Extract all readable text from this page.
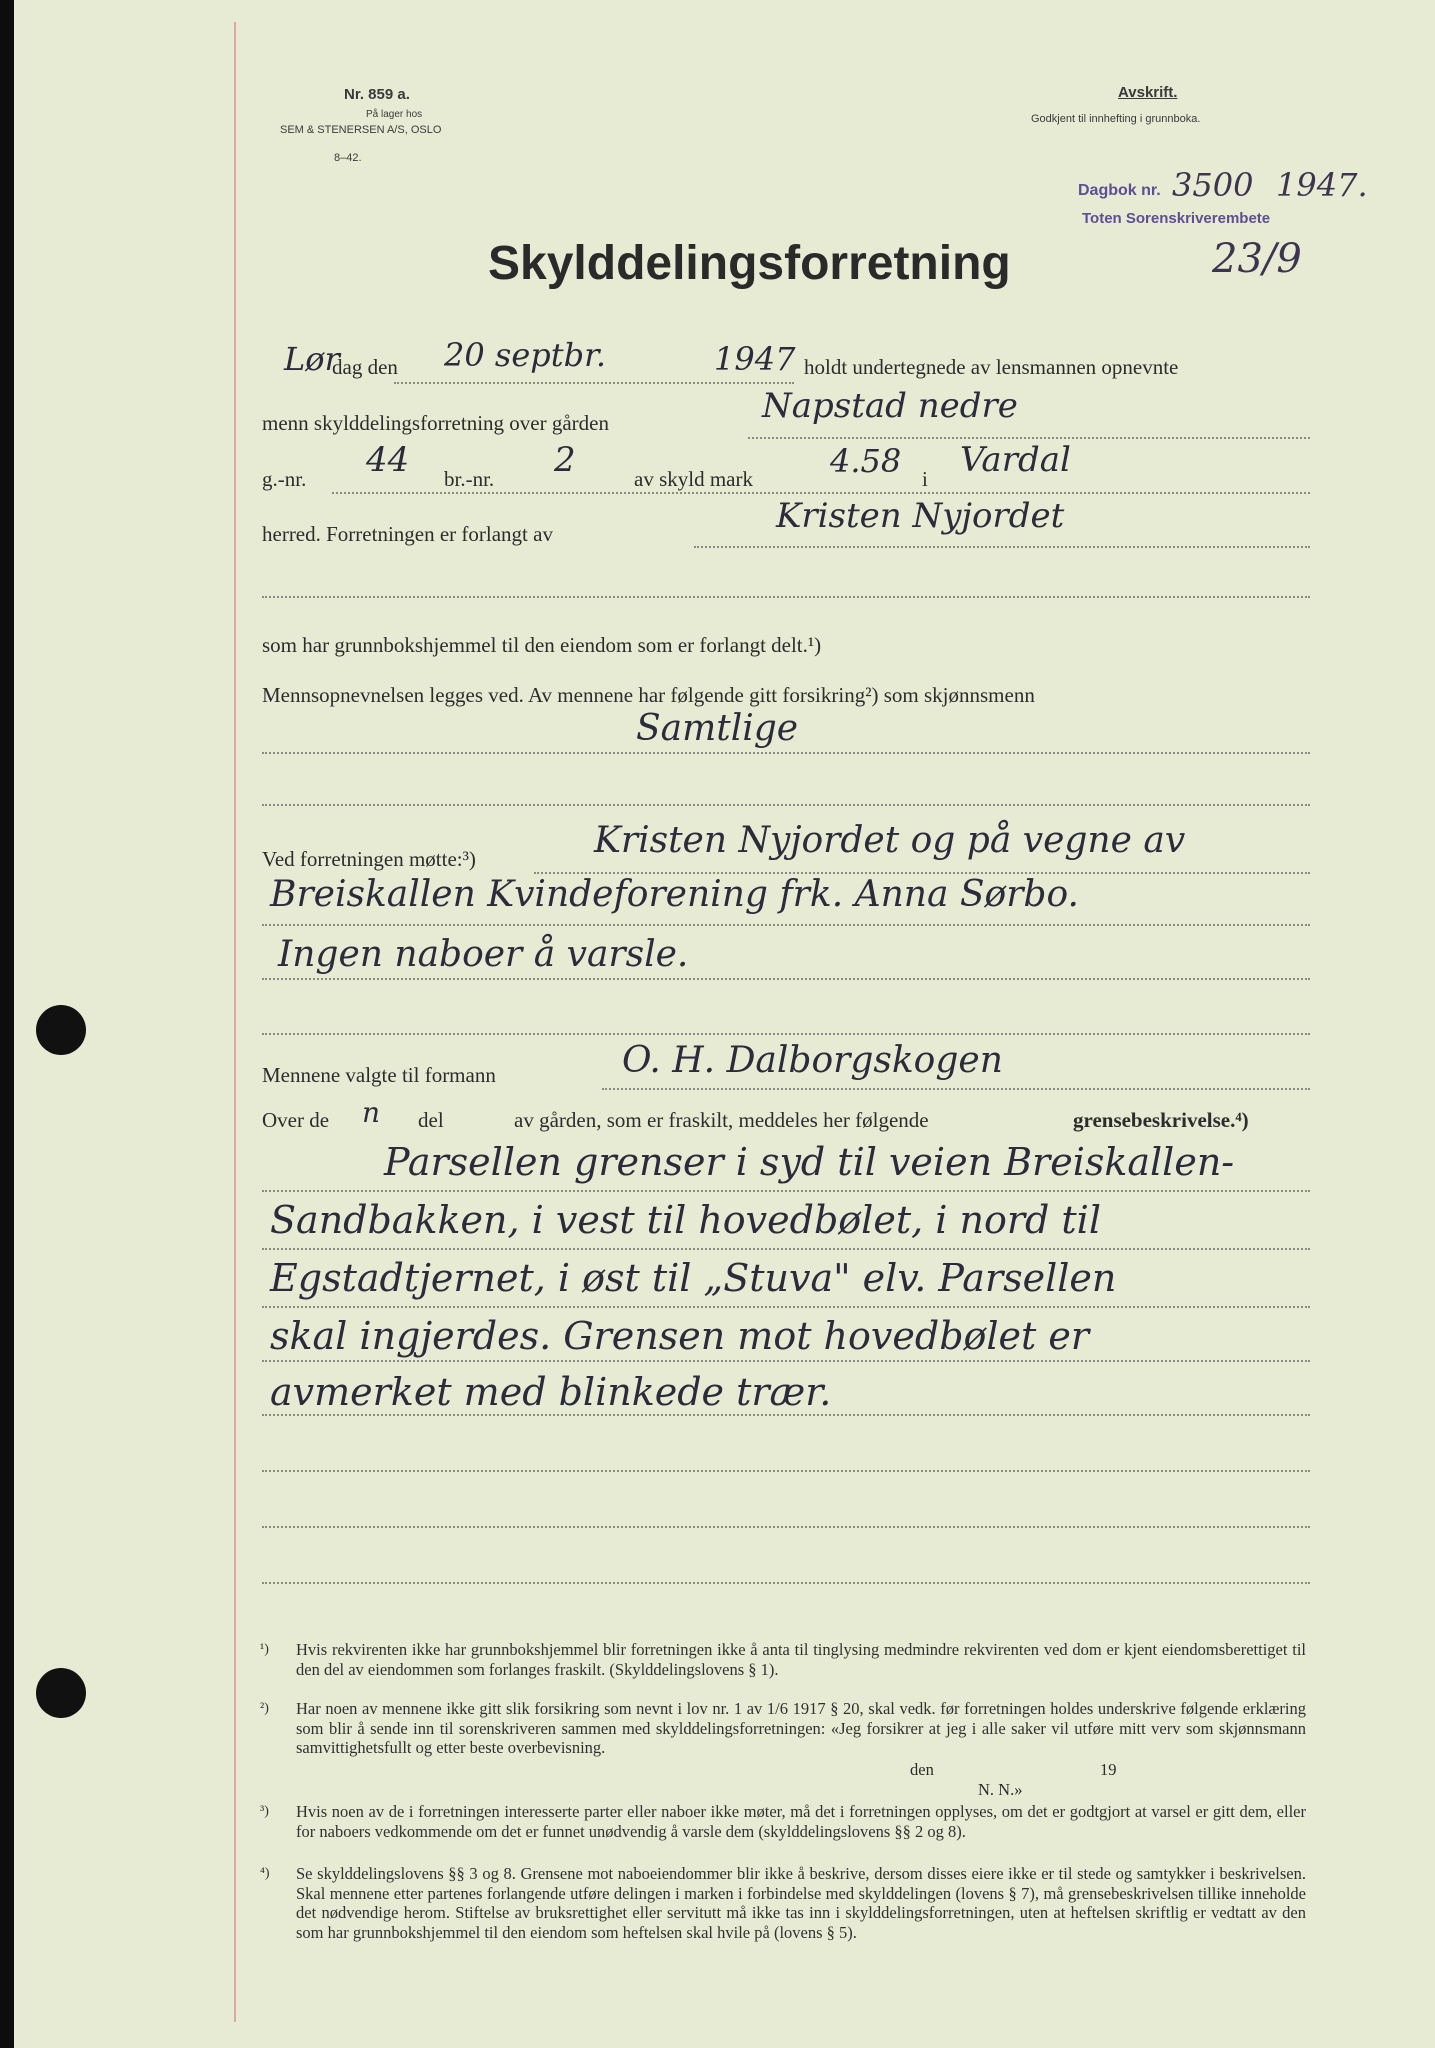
Nr. 859 a.
På lager hos
SEM & STENERSEN A/S, OSLO
8–42.
Avskrift.
Godkjent til innhefting i grunnboka.
Dagbok nr. 3500 1947.
Toten Sorenskriverembete
23/9
Skylddelingsforretning
Lør
dag den 20 septbr.	1947 holdt undertegnede av lensmannen opnevnte
menn skylddelingsforretning over gården	Napstad nedre
g.-nr. 44 br.-nr. 2	av skyld mark 4.58 i Vardal
herred. Forretningen er forlangt av	Kristen Nyjordet
som har grunnbokshjemmel til den eiendom som er forlangt delt.¹)
Mennsopnevnelsen legges ved. Av mennene har følgende gitt forsikring²) som skjønnsmenn
Samtlige
Ved forretningen møtte:³)	Kristen Nyjordet og på vegne av
Breiskallen Kvindeforening frk. Anna Sørbo.
Ingen naboer å varsle.
Mennene valgte til formann	O. H. Dalborgskogen
Over de n del	av gården, som er fraskilt, meddeles her følgende	grensebeskrivelse.⁴)
Parsellen grenser i syd til veien Breiskallen-
Sandbakken, i vest til hovedbølet, i nord til
Egstadtjernet, i øst til „Stuva" elv. Parsellen
skal ingjerdes. Grensen mot hovedbølet er
avmerket med blinkede trær.
¹) Hvis rekvirenten ikke har grunnbokshjemmel blir forretningen ikke å anta til tinglysing medmindre rekvirenten ved dom er kjent eiendomsberettiget til den del av eiendommen som forlanges fraskilt. (Skylddelingslovens § 1).
²) Har noen av mennene ikke gitt slik forsikring som nevnt i lov nr. 1 av 1/6 1917 § 20, skal vedk. før forretningen holdes underskrive følgende erklæring som blir å sende inn til sorenskriveren sammen med skylddelingsforretningen: «Jeg forsikrer at jeg i alle saker vil utføre mitt verv som skjønnsmann samvittighetsfullt og etter beste overbevisning.
den	19
N. N.»
³) Hvis noen av de i forretningen interesserte parter eller naboer ikke møter, må det i forretningen opplyses, om det er godtgjort at varsel er gitt dem, eller for naboers vedkommende om det er funnet unødvendig å varsle dem (skylddelingslovens §§ 2 og 8).
⁴) Se skylddelingslovens §§ 3 og 8. Grensene mot naboeiendommer blir ikke å beskrive, dersom disses eiere ikke er til stede og samtykker i beskrivelsen. Skal mennene etter partenes forlangende utføre delingen i marken i forbindelse med skylddelingen (lovens § 7), må grensebeskrivelsen tillike inneholde det nødvendige herom. Stiftelse av bruksrettighet eller servitutt må ikke tas inn i skylddelingsforretningen, uten at heftelsen skriftlig er vedtatt av den som har grunnbokshjemmel til den eiendom som heftelsen skal hvile på (lovens § 5).
